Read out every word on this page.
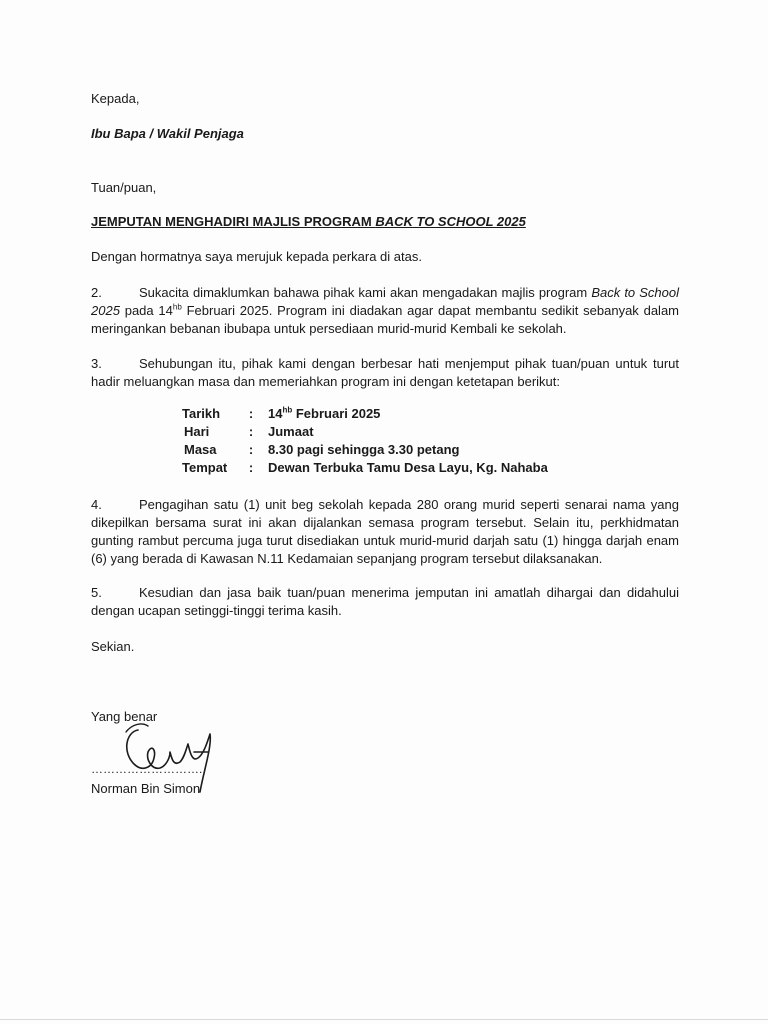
Kepada,
Ibu Bapa / Wakil Penjaga
Tuan/puan,
JEMPUTAN MENGHADIRI MAJLIS PROGRAM BACK TO SCHOOL 2025
Dengan hormatnya saya merujuk kepada perkara di atas.
2.	Sukacita dimaklumkan bahawa pihak kami akan mengadakan majlis program Back to School 2025 pada $14^{hb}$ Februari 2025. Program ini diadakan agar dapat membantu sedikit sebanyak dalam meringankan bebanan ibubapa untuk persediaan murid-murid Kembali ke sekolah.
3.	Sehubungan itu, pihak kami dengan berbesar hati menjemput pihak tuan/puan untuk turut hadir meluangkan masa dan memeriahkan program ini dengan ketetapan berikut:
Tarikh	:	$14^{hb}$ Februari 2025
Hari	:	Jumaat
Masa	:	8.30 pagi sehingga 3.30 petang
Tempat	:	Dewan Terbuka Tamu Desa Layu, Kg. Nahaba
4.	Pengagihan satu (1) unit beg sekolah kepada 280 orang murid seperti senarai nama yang dikepilkan bersama surat ini akan dijalankan semasa program tersebut. Selain itu, perkhidmatan gunting rambut percuma juga turut disediakan untuk murid-murid darjah satu (1) hingga darjah enam (6) yang berada di Kawasan N.11 Kedamaian sepanjang program tersebut dilaksanakan.
5.	Kesudian dan jasa baik tuan/puan menerima jemputan ini amatlah dihargai dan didahului dengan ucapan setinggi-tinggi terima kasih.
Sekian.
Yang benar
……………………….
Norman Bin Simon
